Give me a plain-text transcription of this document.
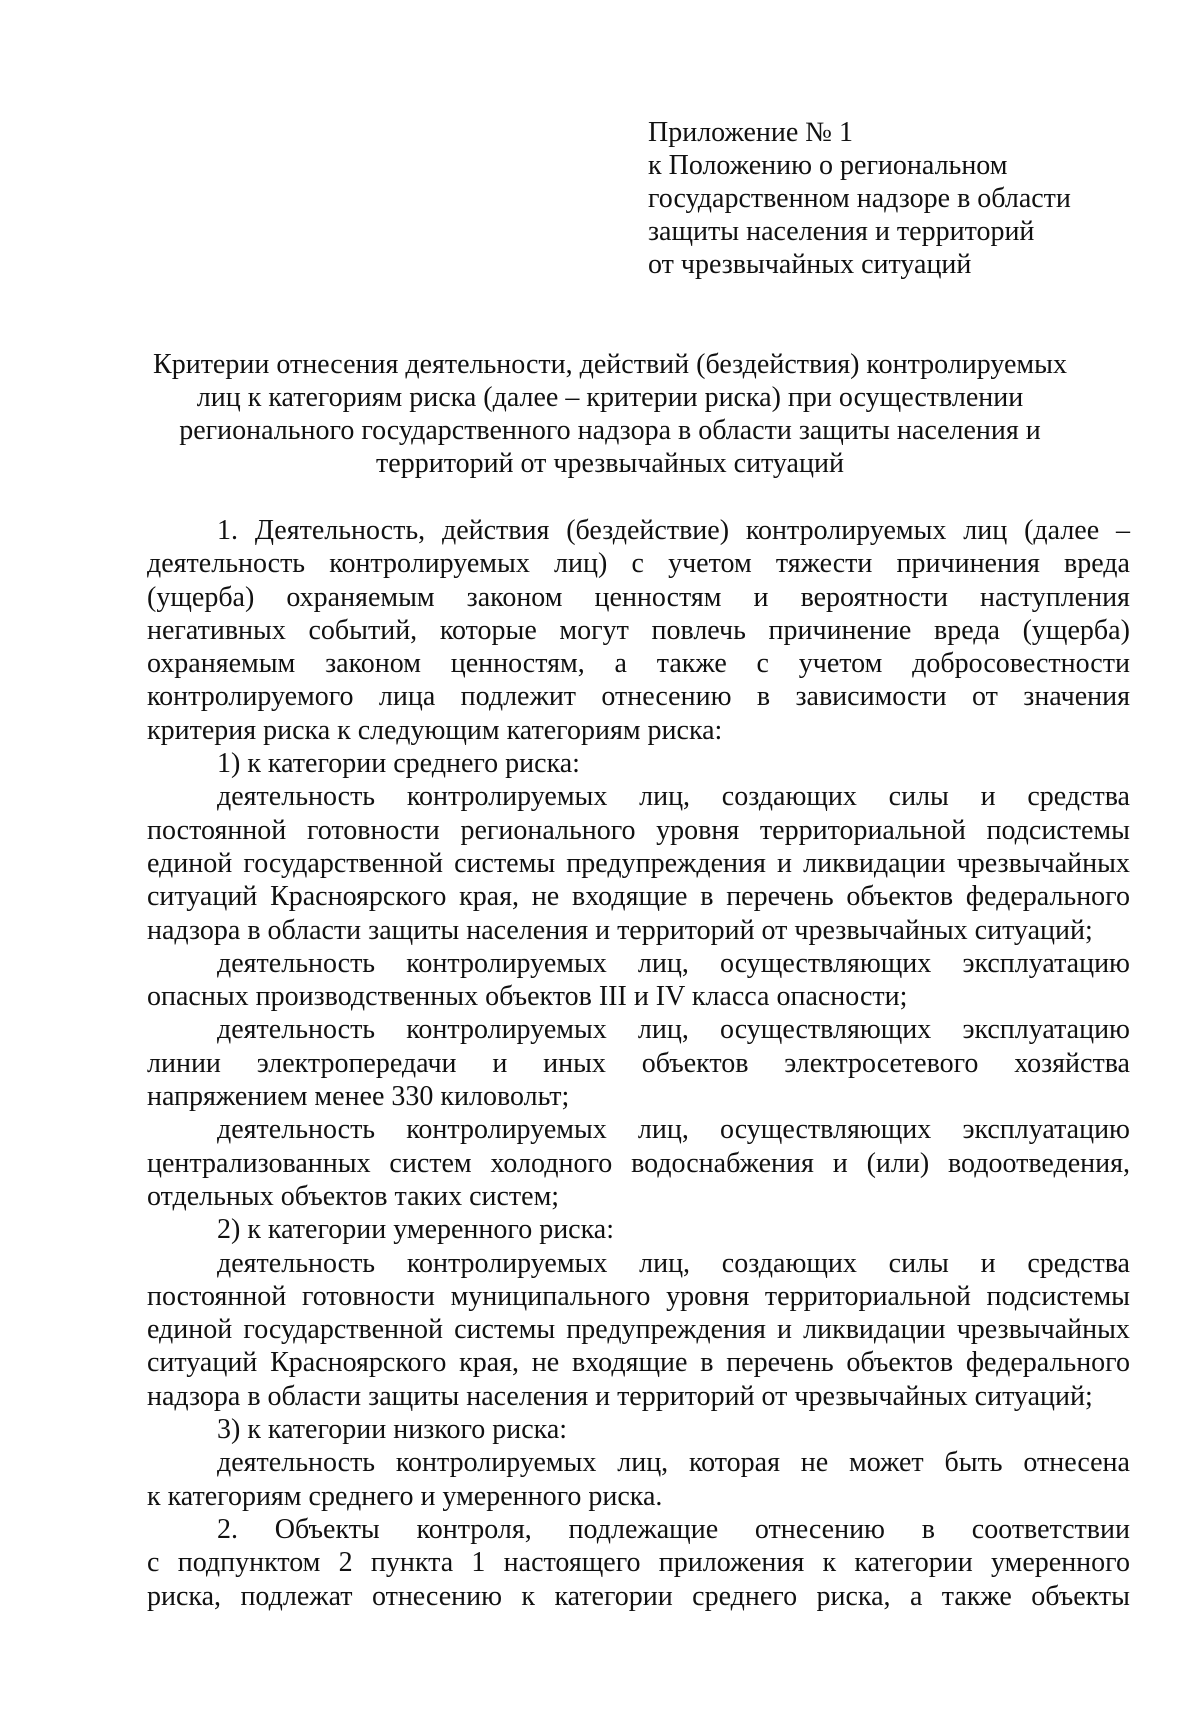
Приложение № 1
к Положению о региональном
государственном надзоре в области
защиты населения и территорий
от чрезвычайных ситуаций
Критерии отнесения деятельности, действий (бездействия) контролируемых
лиц к категориям риска (далее – критерии риска) при осуществлении
регионального государственного надзора в области защиты населения и
территорий от чрезвычайных ситуаций
1. Деятельность, действия (бездействие) контролируемых лиц (далее –
деятельность контролируемых лиц) с учетом тяжести причинения вреда
(ущерба) охраняемым законом ценностям и вероятности наступления
негативных событий, которые могут повлечь причинение вреда (ущерба)
охраняемым законом ценностям, а также с учетом добросовестности
контролируемого лица подлежит отнесению в зависимости от значения
критерия риска к следующим категориям риска:
1) к категории среднего риска:
деятельность контролируемых лиц, создающих силы и средства
постоянной готовности регионального уровня территориальной подсистемы
единой государственной системы предупреждения и ликвидации чрезвычайных
ситуаций Красноярского края, не входящие в перечень объектов федерального
надзора в области защиты населения и территорий от чрезвычайных ситуаций;
деятельность контролируемых лиц, осуществляющих эксплуатацию
опасных производственных объектов III и IV класса опасности;
деятельность контролируемых лиц, осуществляющих эксплуатацию
линии электропередачи и иных объектов электросетевого хозяйства
напряжением менее 330 киловольт;
деятельность контролируемых лиц, осуществляющих эксплуатацию
централизованных систем холодного водоснабжения и (или) водоотведения,
отдельных объектов таких систем;
2) к категории умеренного риска:
деятельность контролируемых лиц, создающих силы и средства
постоянной готовности муниципального уровня территориальной подсистемы
единой государственной системы предупреждения и ликвидации чрезвычайных
ситуаций Красноярского края, не входящие в перечень объектов федерального
надзора в области защиты населения и территорий от чрезвычайных ситуаций;
3) к категории низкого риска:
деятельность контролируемых лиц, которая не может быть отнесена
к категориям среднего и умеренного риска.
2. Объекты контроля, подлежащие отнесению в соответствии
с подпунктом 2 пункта 1 настоящего приложения к категории умеренного
риска, подлежат отнесению к категории среднего риска, а также объекты
